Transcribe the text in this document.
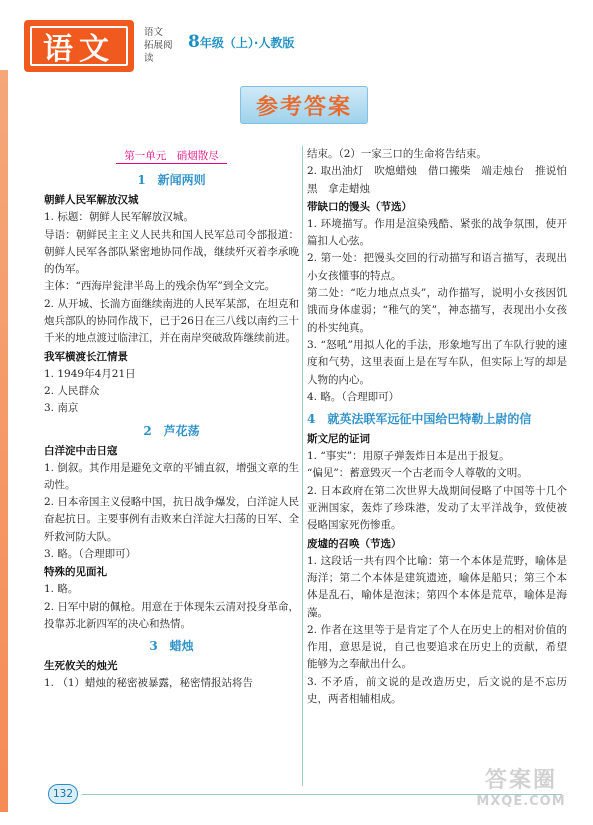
语文	语文
拓展阅读
8年级（上）·人教版
参考答案
第一单元　硝烟散尽
1　新闻两则
朝鲜人民军解放汉城
1. 标题：朝鲜人民军解放汉城。
导语：朝鲜民主主义人民共和国人民军总司令部报道：朝鲜人民军各部队紧密地协同作战，继续歼灭着李承晚的伪军。
主体：“西海岸瓮津半岛上的残余伪军”到全文完。
2. 从开城、长湍方面继续南进的人民军某部，在坦克和炮兵部队的协同作战下，已于26日在三八线以南约三十千米的地点渡过临津江，并在南岸突破敌阵继续前进。
我军横渡长江情景
1. 1949年4月21日
2. 人民群众
3. 南京
2　芦花荡
白洋淀中击日寇
1. 倒叙。其作用是避免文章的平铺直叙，增强文章的生动性。
2. 日本帝国主义侵略中国，抗日战争爆发，白洋淀人民奋起抗日。主要事例有击败来白洋淀大扫荡的日军、全歼救河防大队。
3. 略。（合理即可）
特殊的见面礼
1. 略。
2. 日军中尉的佩枪。用意在于体现朱云清对投身革命，投靠苏北新四军的决心和热情。
3　蜡烛
生死攸关的烛光
1. （1）蜡烛的秘密被暴露，秘密情报站将告
结束。（2）一家三口的生命将告结束。
2. 取出油灯　吹熄蜡烛　借口搬柴　端走烛台　推说怕黑　拿走蜡烛
带缺口的馒头（节选）
1. 环境描写。作用是渲染残酷、紧张的战争氛围，使开篇扣人心弦。
2. 第一处：把馒头交回的行动描写和语言描写，表现出小女孩懂事的特点。
第二处：“吃力地点点头”，动作描写，说明小女孩因饥饿而身体虚弱；“稚气的笑”，神态描写，表现出小女孩的朴实纯真。
3. “怒吼”用拟人化的手法，形象地写出了车队行驶的速度和气势，这里表面上是在写车队，但实际上写的却是人物的内心。
4. 略。（合理即可）
4　就英法联军远征中国给巴特勒上尉的信
斯文尼的证词
1. “事实”：用原子弹轰炸日本是出于报复。
“偏见”：蓄意毁灭一个古老而令人尊敬的文明。
2. 日本政府在第二次世界大战期间侵略了中国等十几个亚洲国家，轰炸了珍珠港，发动了太平洋战争，致使被侵略国家死伤惨重。
废墟的召唤（节选）
1. 这段话一共有四个比喻：第一个本体是荒野，喻体是海洋；第二个本体是建筑遗迹，喻体是船只；第三个本体是乱石，喻体是泡沫；第四个本体是荒草，喻体是海藻。
2. 作者在这里等于是肯定了个人在历史上的相对价值的作用，意思是说，自己也要追求在历史上的贡献，希望能够为之奉献出什么。
3. 不矛盾，前文说的是改造历史，后文说的是不忘历史，两者相辅相成。
132
答案圈
MXQE.COM
